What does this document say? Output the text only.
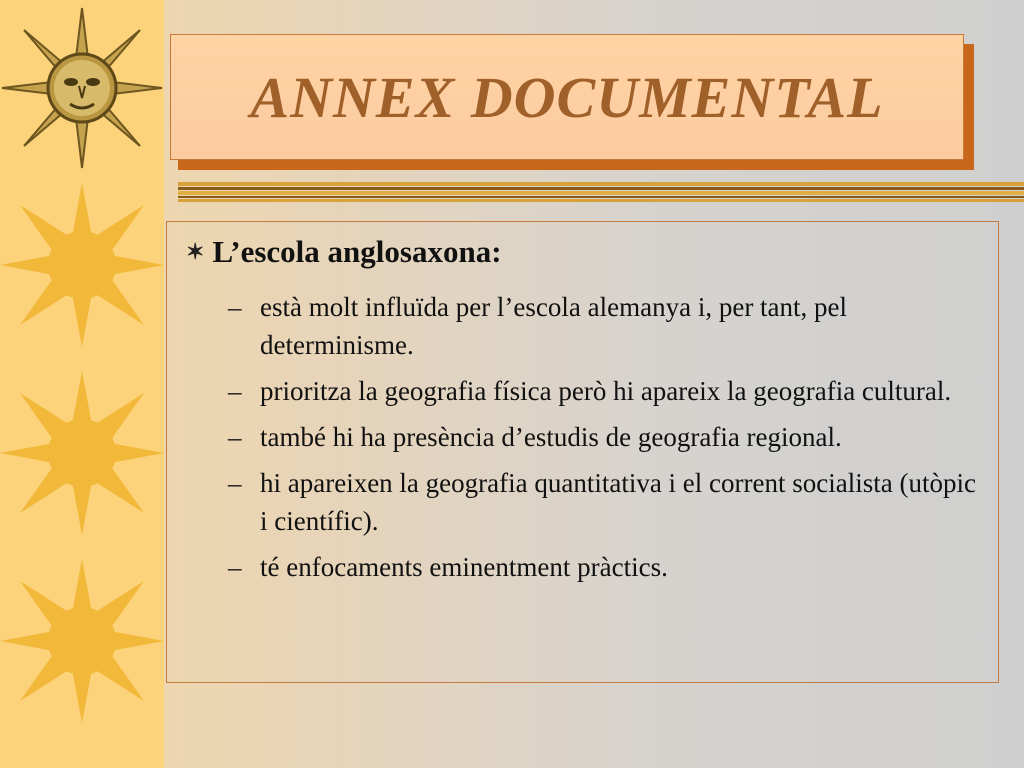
ANNEX DOCUMENTAL
✶ L’escola anglosaxona:
– està molt influïda per l’escola alemanya i, per tant, pel determinisme.
– prioritza la geografia física però hi apareix la geografia cultural.
– també hi ha presència d’estudis de geografia regional.
– hi apareixen la geografia quantitativa i el corrent socialista (utòpic i científic).
– té enfocaments eminentment pràctics.
